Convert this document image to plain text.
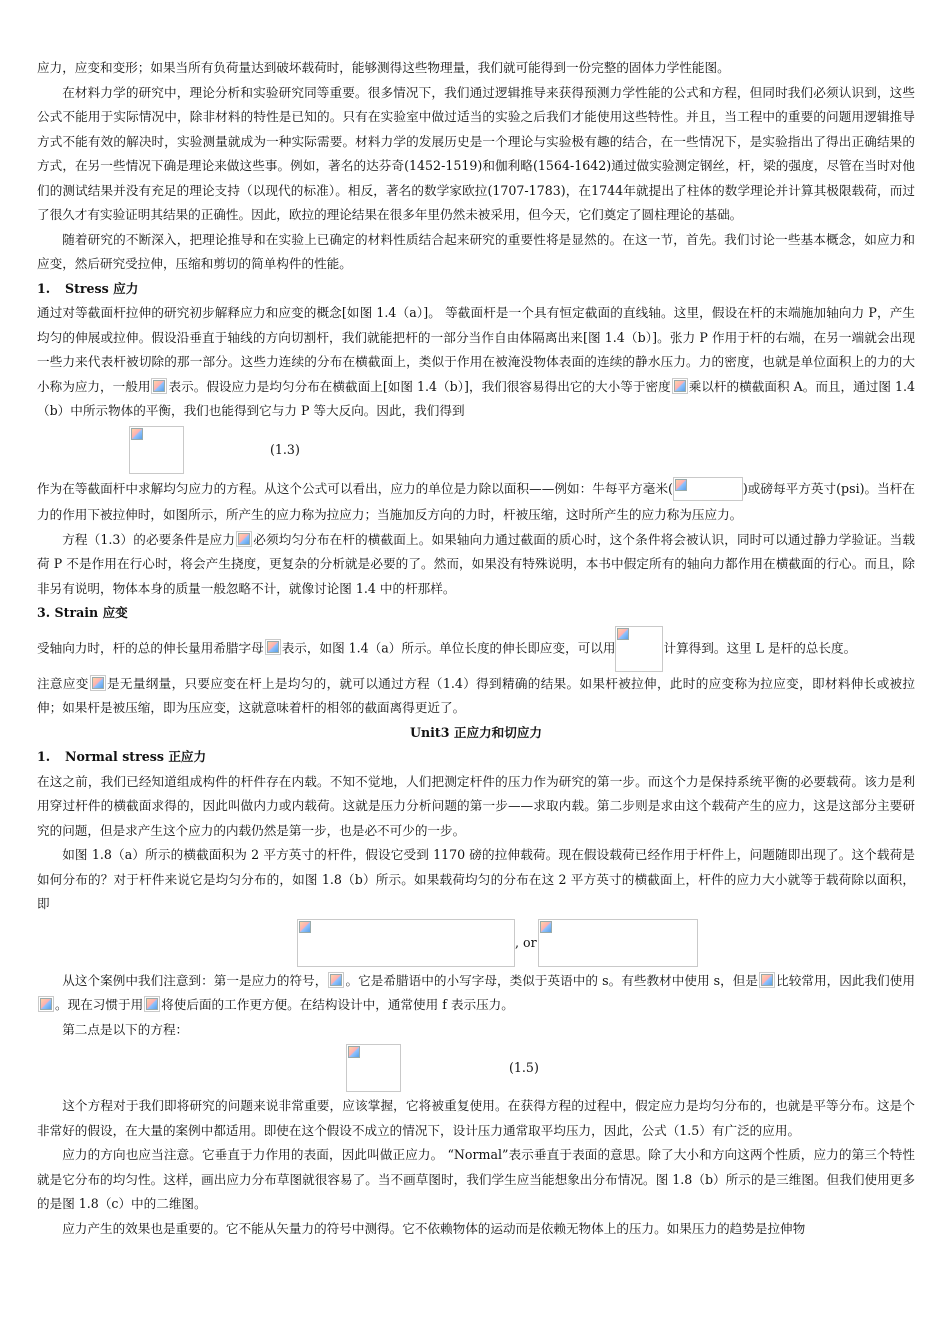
应力，应变和变形；如果当所有负荷量达到破坏载荷时，能够测得这些物理量，我们就可能得到一份完整的固体力学性能图。

在材料力学的研究中，理论分析和实验研究同等重要。很多情况下，我们通过逻辑推导来获得预测力学性能的公式和方程，但同时我们必须认识到，这些公式不能用于实际情况中，除非材料的特性是已知的。只有在实验室中做过适当的实验之后我们才能使用这些特性。并且，当工程中的重要的问题用逻辑推导方式不能有效的解决时，实验测量就成为一种实际需要。材料力学的发展历史是一个理论与实验极有趣的结合，在一些情况下，是实验指出了得出正确结果的方式，在另一些情况下确是理论来做这些事。例如，著名的达芬奇(1452-1519)和伽利略(1564-1642)通过做实验测定钢丝，杆，梁的强度，尽管在当时对他们的测试结果并没有充足的理论支持（以现代的标准）。相反，著名的数学家欧拉(1707-1783)，在1744年就提出了柱体的数学理论并计算其极限载荷，而过了很久才有实验证明其结果的正确性。因此，欧拉的理论结果在很多年里仍然未被采用，但今天，它们奠定了圆柱理论的基础。

随着研究的不断深入，把理论推导和在实验上已确定的材料性质结合起来研究的重要性将是显然的。在这一节，首先。我们讨论一些基本概念，如应力和应变，然后研究受拉伸，压缩和剪切的简单构件的性能。

1. Stress 应力

通过对等截面杆拉伸的研究初步解释应力和应变的概念[如图 1.4（a）]。 等截面杆是一个具有恒定截面的直线轴。这里，假设在杆的末端施加轴向力 P，产生均匀的伸展或拉伸。假设沿垂直于轴线的方向切割杆，我们就能把杆的一部分当作自由体隔离出来[图 1.4（b）]。张力 P 作用于杆的右端，在另一端就会出现一些力来代表杆被切除的那一部分。这些力连续的分布在横截面上，类似于作用在被淹没物体表面的连续的静水压力。力的密度，也就是单位面积上的力的大小称为应力，一般用 表示。假设应力是均匀分布在横截面上[如图 1.4（b）]，我们很容易得出它的大小等于密度 乘以杆的横截面积 A。而且，通过图 1.4（b）中所示物体的平衡，我们也能得到它与力 P 等大反向。因此，我们得到

(1.3)

作为在等截面杆中求解均匀应力的方程。从这个公式可以看出，应力的单位是力除以面积——例如：牛每平方毫米(	)或磅每平方英寸(psi)。当杆在力的作用下被拉伸时，如图所示，所产生的应力称为拉应力；当施加反方向的力时，杆被压缩，这时所产生的应力称为压应力。

方程（1.3）的必要条件是应力 必须均匀分布在杆的横截面上。如果轴向力通过截面的质心时，这个条件将会被认识，同时可以通过静力学验证。当载荷 P 不是作用在行心时，将会产生挠度，更复杂的分析就是必要的了。然而，如果没有特殊说明，本书中假定所有的轴向力都作用在横截面的行心。而且，除非另有说明，物体本身的质量一般忽略不计，就像讨论图 1.4 中的杆那样。

3. Strain 应变

受轴向力时，杆的总的伸长量用希腊字母 表示，如图 1.4（a）所示。单位长度的伸长即应变，可以用	计算得到。这里 L 是杆的总长度。

注意应变 是无量纲量，只要应变在杆上是均匀的，就可以通过方程（1.4）得到精确的结果。如果杆被拉伸，此时的应变称为拉应变，即材料伸长或被拉伸；如果杆是被压缩，即为压应变，这就意味着杆的相邻的截面离得更近了。

Unit3 正应力和切应力

1. Normal stress 正应力

在这之前，我们已经知道组成构件的杆件存在内载。不知不觉地，人们把测定杆件的压力作为研究的第一步。而这个力是保持系统平衡的必要载荷。该力是利用穿过杆件的横截面求得的，因此叫做内力或内载荷。这就是压力分析问题的第一步——求取内载。第二步则是求由这个载荷产生的应力，这是这部分主要研究的问题，但是求产生这个应力的内载仍然是第一步，也是必不可少的一步。

如图 1.8（a）所示的横截面积为 2 平方英寸的杆件，假设它受到 1170 磅的拉伸载荷。现在假设载荷已经作用于杆件上，问题随即出现了。这个载荷是如何分布的？对于杆件来说它是均匀分布的，如图 1.8（b）所示。如果载荷均匀的分布在这 2 平方英寸的横截面上，杆件的应力大小就等于载荷除以面积，即

, or

从这个案例中我们注意到：第一是应力的符号， 。它是希腊语中的小写字母，类似于英语中的 s。有些教材中使用 s，但是 比较常用，因此我们使用。现在习惯于用 将使后面的工作更方便。在结构设计中，通常使用 f 表示压力。

第二点是以下的方程：

(1.5)

这个方程对于我们即将研究的问题来说非常重要，应该掌握，它将被重复使用。在获得方程的过程中，假定应力是均匀分布的，也就是平等分布。这是个非常好的假设，在大量的案例中都适用。即使在这个假设不成立的情况下，设计压力通常取平均压力，因此，公式（1.5）有广泛的应用。

应力的方向也应当注意。它垂直于力作用的表面，因此叫做正应力。 “Normal”表示垂直于表面的意思。除了大小和方向这两个性质，应力的第三个特性就是它分布的均匀性。这样，画出应力分布草图就很容易了。当不画草图时，我们学生应当能想象出分布情况。图 1.8（b）所示的是三维图。但我们使用更多的是图 1.8（c）中的二维图。

应力产生的效果也是重要的。它不能从矢量力的符号中测得。它不依赖物体的运动而是依赖无物体上的压力。如果压力的趋势是拉伸物
